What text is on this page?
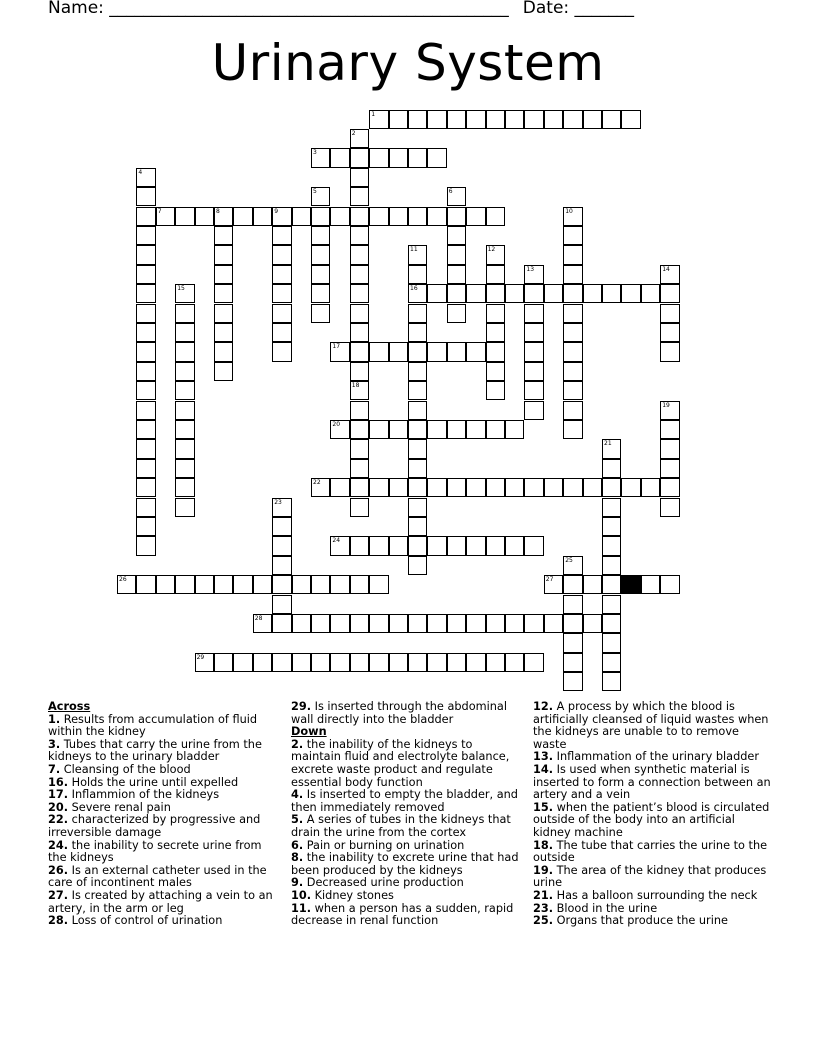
Name: _______________________________________________ Date: _______
Urinary System
1
3
7
16
17
20
22
24
26	27
28
29
2
4
5	6
8	9	10
11	12
13	14
15
18
19
21
23
25

Across

1. Results from accumulation of fluid within the kidney

3. Tubes that carry the urine from the kidneys to the urinary bladder

7. Cleansing of the blood

16. Holds the urine until expelled

17. Inflammion of the kidneys

20. Severe renal pain

22. characterized by progressive and irreversible damage

24. the inability to secrete urine from the kidneys

26. Is an external catheter used in the care of incontinent males

27. Is created by attaching a vein to an artery, in the arm or leg

28. Loss of control of urination

29. Is inserted through the abdominal wall directly into the bladder

Down

2. the inability of the kidneys to maintain fluid and electrolyte balance, excrete waste product and regulate essential body function

4. Is inserted to empty the bladder, and then immediately removed

5. A series of tubes in the kidneys that drain the urine from the cortex

6. Pain or burning on urination

8. the inability to excrete urine that had been produced by the kidneys

9. Decreased urine production

10. Kidney stones

11. when a person has a sudden, rapid decrease in renal function

12. A process by which the blood is artificially cleansed of liquid wastes when the kidneys are unable to to remove waste

13. Inflammation of the urinary bladder

14. Is used when synthetic material is inserted to form a connection between an artery and a vein

15. when the patient’s blood is circulated outside of the body into an artificial kidney machine

18. The tube that carries the urine to the outside

19. The area of the kidney that produces urine

21. Has a balloon surrounding the neck

23. Blood in the urine

25. Organs that produce the urine
